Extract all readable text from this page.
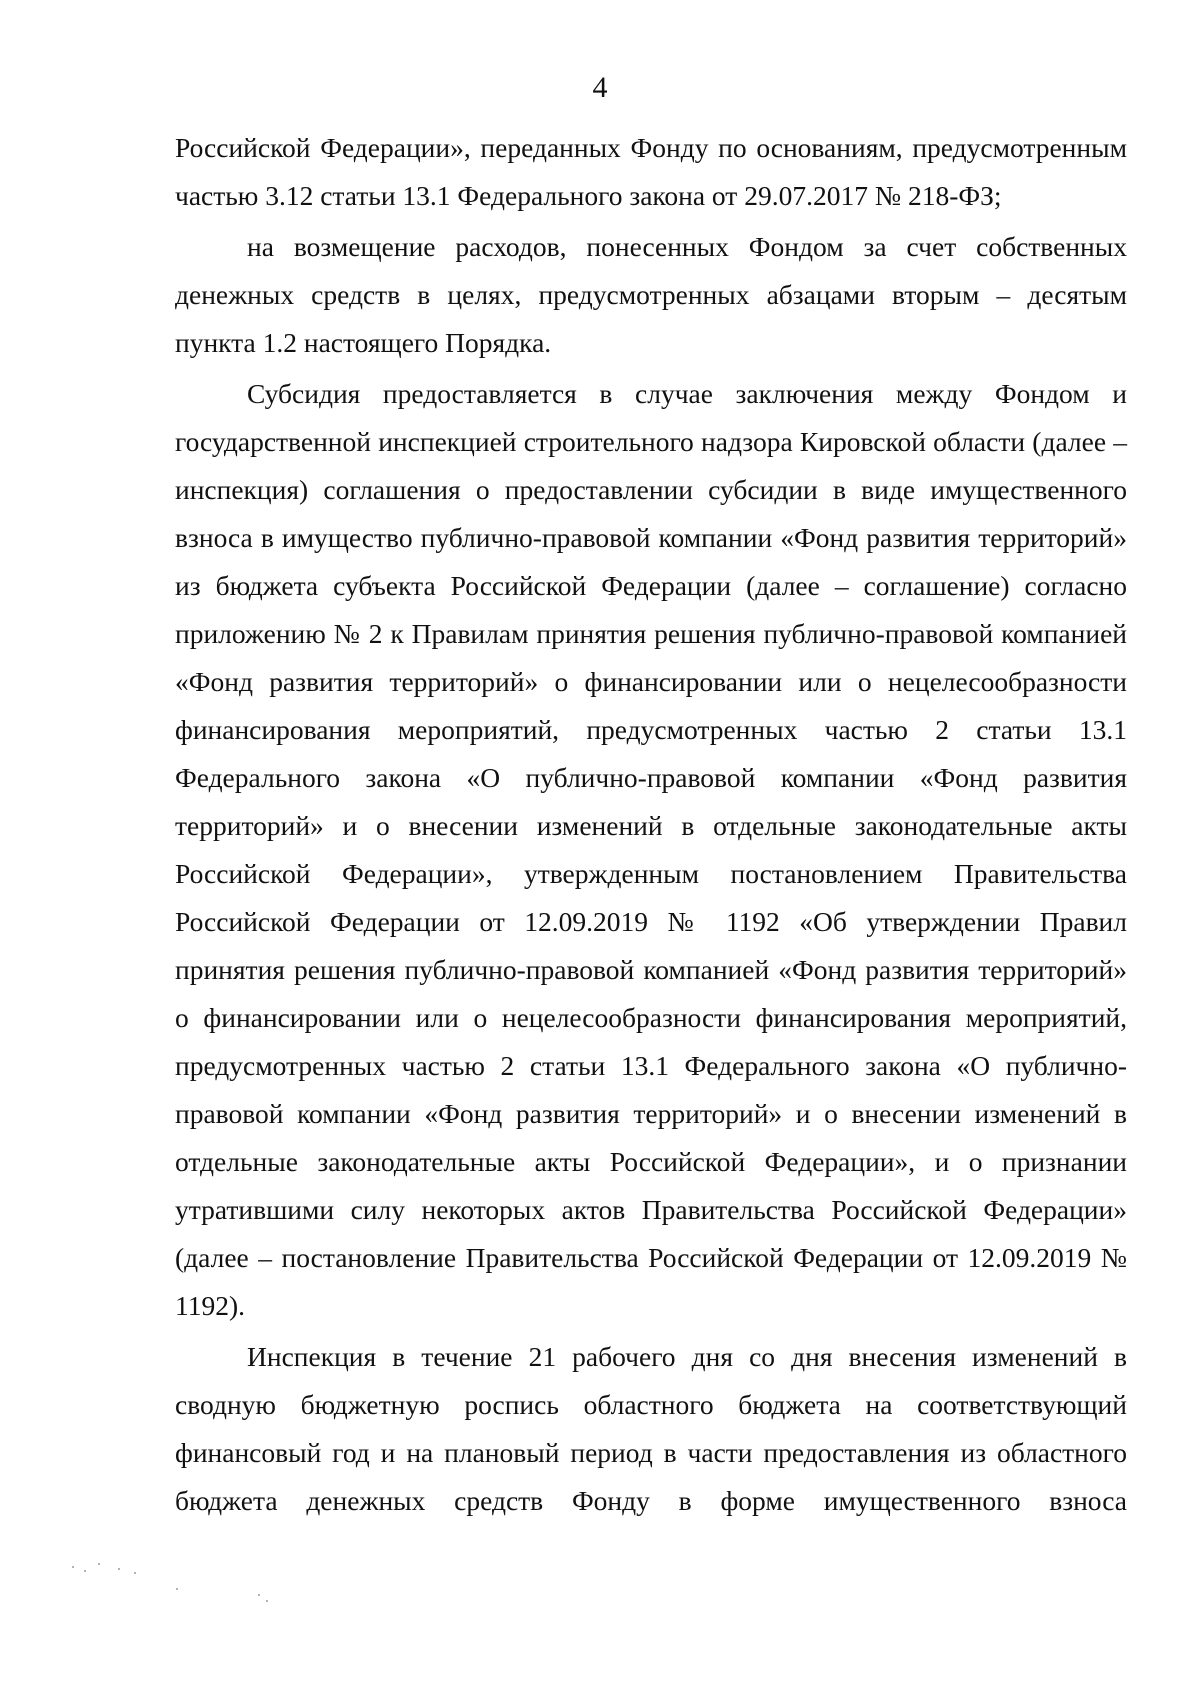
4

Российской Федерации», переданных Фонду по основаниям, предусмотренным частью 3.12 статьи 13.1 Федерального закона от 29.07.2017 № 218-ФЗ;

на возмещение расходов, понесенных Фондом за счет собственных денежных средств в целях, предусмотренных абзацами вторым – десятым пункта 1.2 настоящего Порядка.

Субсидия предоставляется в случае заключения между Фондом и государственной инспекцией строительного надзора Кировской области (далее – инспекция) соглашения о предоставлении субсидии в виде имущественного взноса в имущество публично-правовой компании «Фонд развития территорий» из бюджета субъекта Российской Федерации (далее – соглашение) согласно приложению № 2 к Правилам принятия решения публично-правовой компанией «Фонд развития территорий» о финансировании или о нецелесообразности финансирования мероприятий, предусмотренных частью 2 статьи 13.1 Федерального закона «О публично-правовой компании «Фонд развития территорий» и о внесении изменений в отдельные законодательные акты Российской Федерации», утвержденным постановлением Правительства Российской Федерации от 12.09.2019 № 1192 «Об утверждении Правил принятия решения публично-правовой компанией «Фонд развития территорий» о финансировании или о нецелесообразности финансирования мероприятий, предусмотренных частью 2 статьи 13.1 Федерального закона «О публично-правовой компании «Фонд развития территорий» и о внесении изменений в отдельные законодательные акты Российской Федерации», и о признании утратившими силу некоторых актов Правительства Российской Федерации» (далее – постановление Правительства Российской Федерации от 12.09.2019 № 1192).

Инспекция в течение 21 рабочего дня со дня внесения изменений в сводную бюджетную роспись областного бюджета на соответствующий финансовый год и на плановый период в части предоставления из областного бюджета денежных средств Фонду в форме имущественного взноса
